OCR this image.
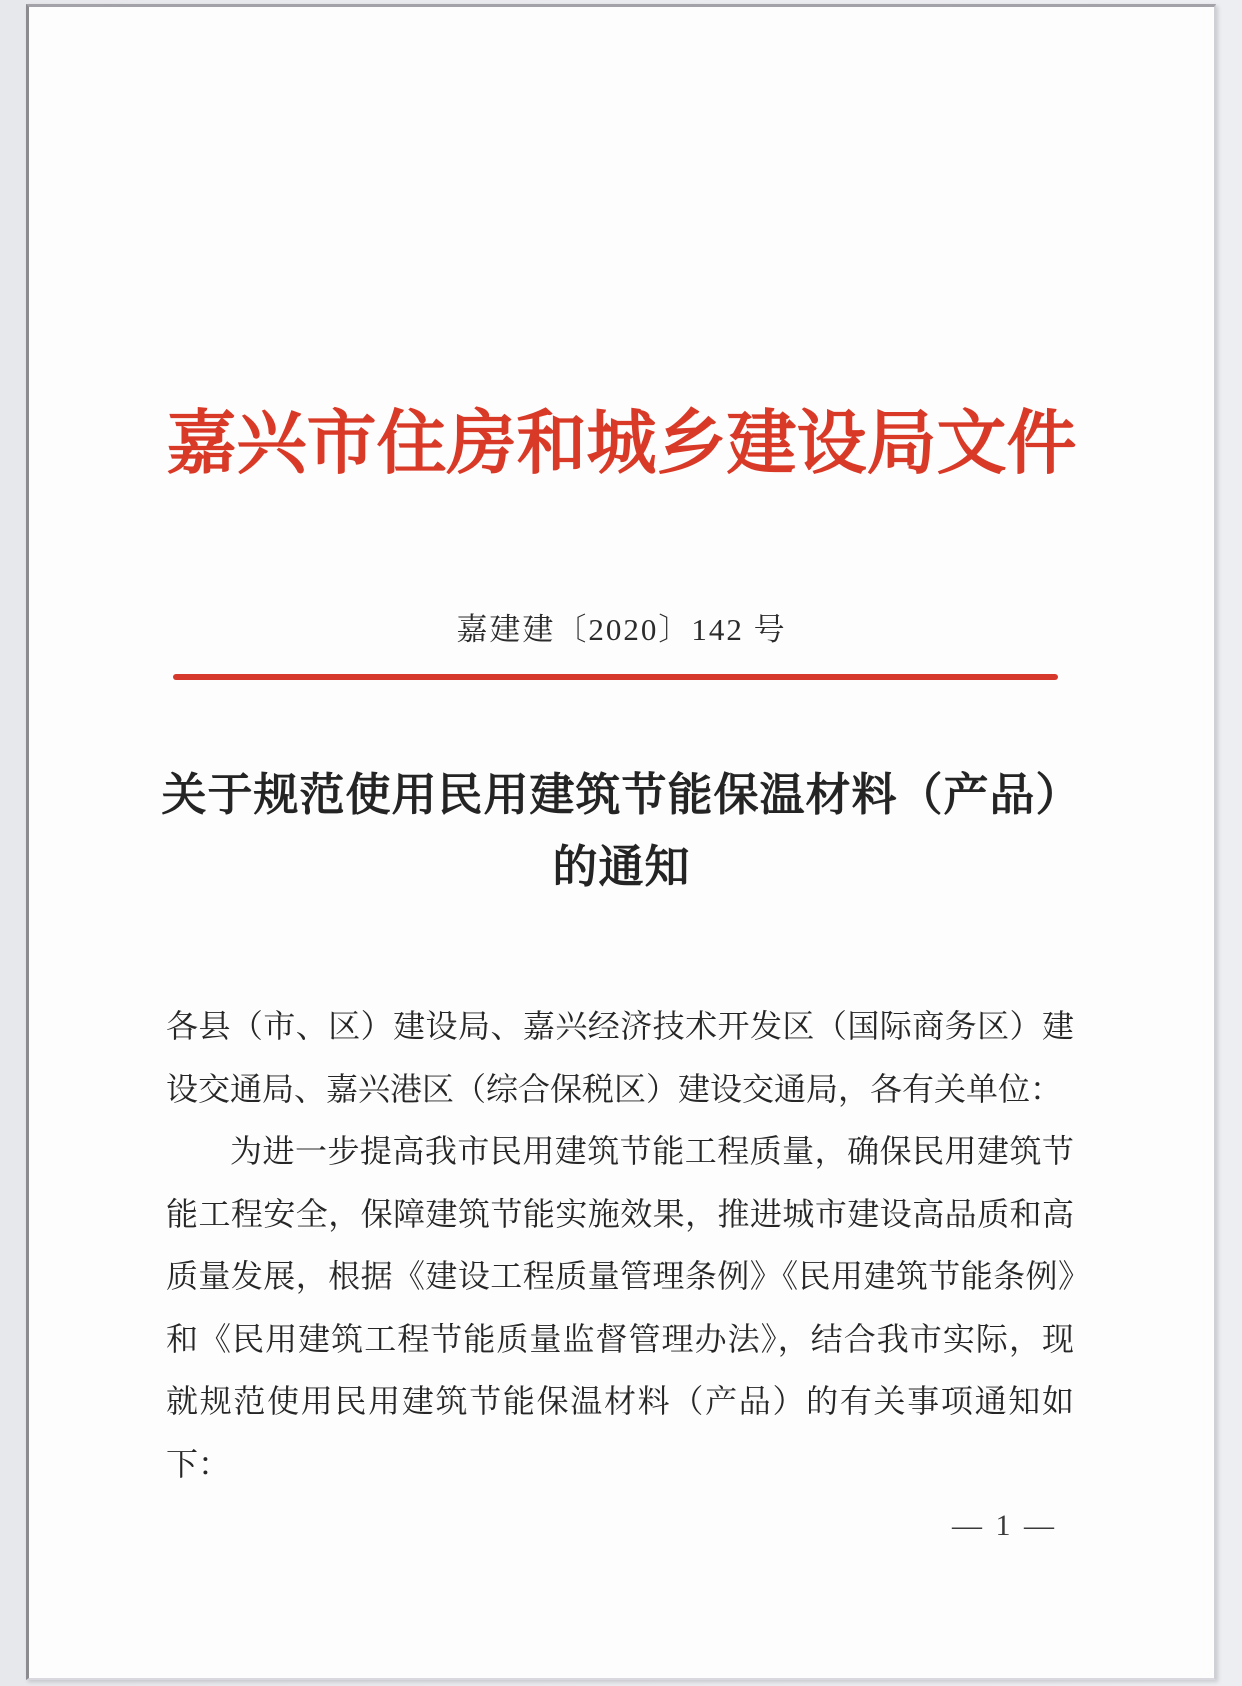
嘉兴市住房和城乡建设局文件
嘉建建〔2020〕142 号
关于规范使用民用建筑节能保温材料（产品）
的通知

各县（市、区）建设局、嘉兴经济技术开发区（国际商务区）建设交通局、嘉兴港区（综合保税区）建设交通局，各有关单位：

为进一步提高我市民用建筑节能工程质量，确保民用建筑节能工程安全，保障建筑节能实施效果，推进城市建设高品质和高质量发展，根据《建设工程质量管理条例》《民用建筑节能条例》和《民用建筑工程节能质量监督管理办法》，结合我市实际，现就规范使用民用建筑节能保温材料（产品）的有关事项通知如下：

— 1 —
